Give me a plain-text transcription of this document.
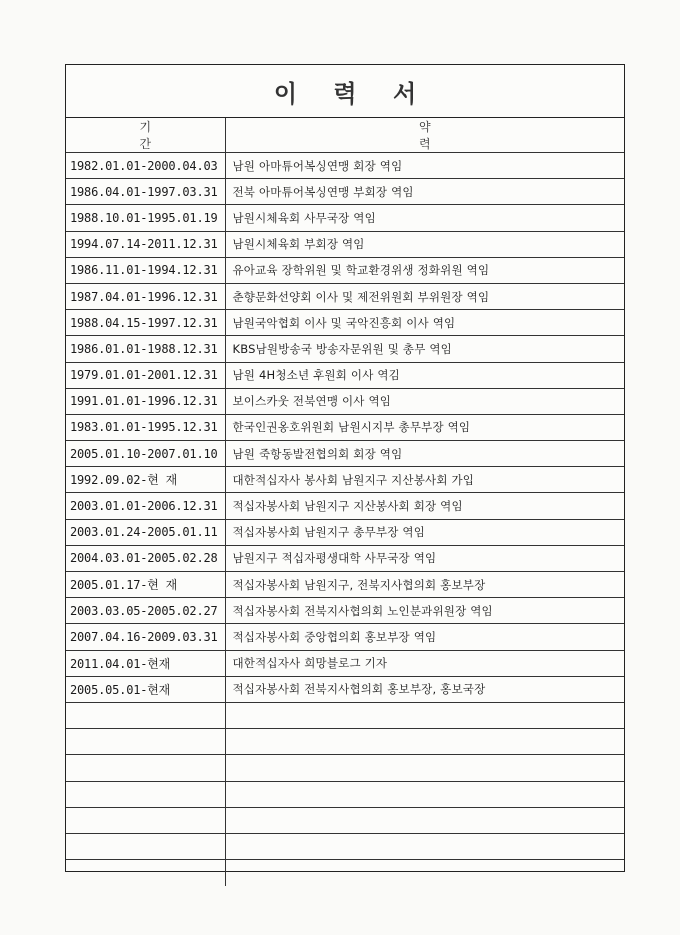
이 력 서
기 간	약 력
1982.01.01-2000.04.03	남원 아마튜어복싱연맹 회장 역임
1986.04.01-1997.03.31	전북 아마튜어복싱연맹 부회장 역임
1988.10.01-1995.01.19	남원시체육회 사무국장 역임
1994.07.14-2011.12.31	남원시체육회 부회장 역임
1986.11.01-1994.12.31	유아교육 장학위원 및 학교환경위생 정화위원 역임
1987.04.01-1996.12.31	춘향문화선양회 이사 및 제전위원회 부위원장 역임
1988.04.15-1997.12.31	남원국악협회 이사 및 국악진흥회 이사 역임
1986.01.01-1988.12.31	KBS남원방송국 방송자문위원 및 총무 역임
1979.01.01-2001.12.31	남원 4H청소년 후원회 이사 역김
1991.01.01-1996.12.31	보이스카웃 전북연맹 이사 역임
1983.01.01-1995.12.31	한국인권옹호위원회 남원시지부 총무부장 역임
2005.01.10-2007.01.10	남원 죽항동발전협의회 회장 역임
1992.09.02-현 재	대한적십자사 봉사회 남원지구 지산봉사회 가입
2003.01.01-2006.12.31	적십자봉사회 남원지구 지산봉사회 회장 역임
2003.01.24-2005.01.11	적십자봉사회 남원지구 총무부장 역임
2004.03.01-2005.02.28	남원지구 적십자평생대학 사무국장 역임
2005.01.17-현 재	적십자봉사회 남원지구, 전북지사협의회 홍보부장
2003.03.05-2005.02.27	적십자봉사회 전북지사협의회 노인분과위원장 역임
2007.04.16-2009.03.31	적십자봉사회 중앙협의회 홍보부장 역임
2011.04.01-현재	대한적십자사 희망블로그 기자
2005.05.01-현재	적십자봉사회 전북지사협의회 홍보부장, 홍보국장
